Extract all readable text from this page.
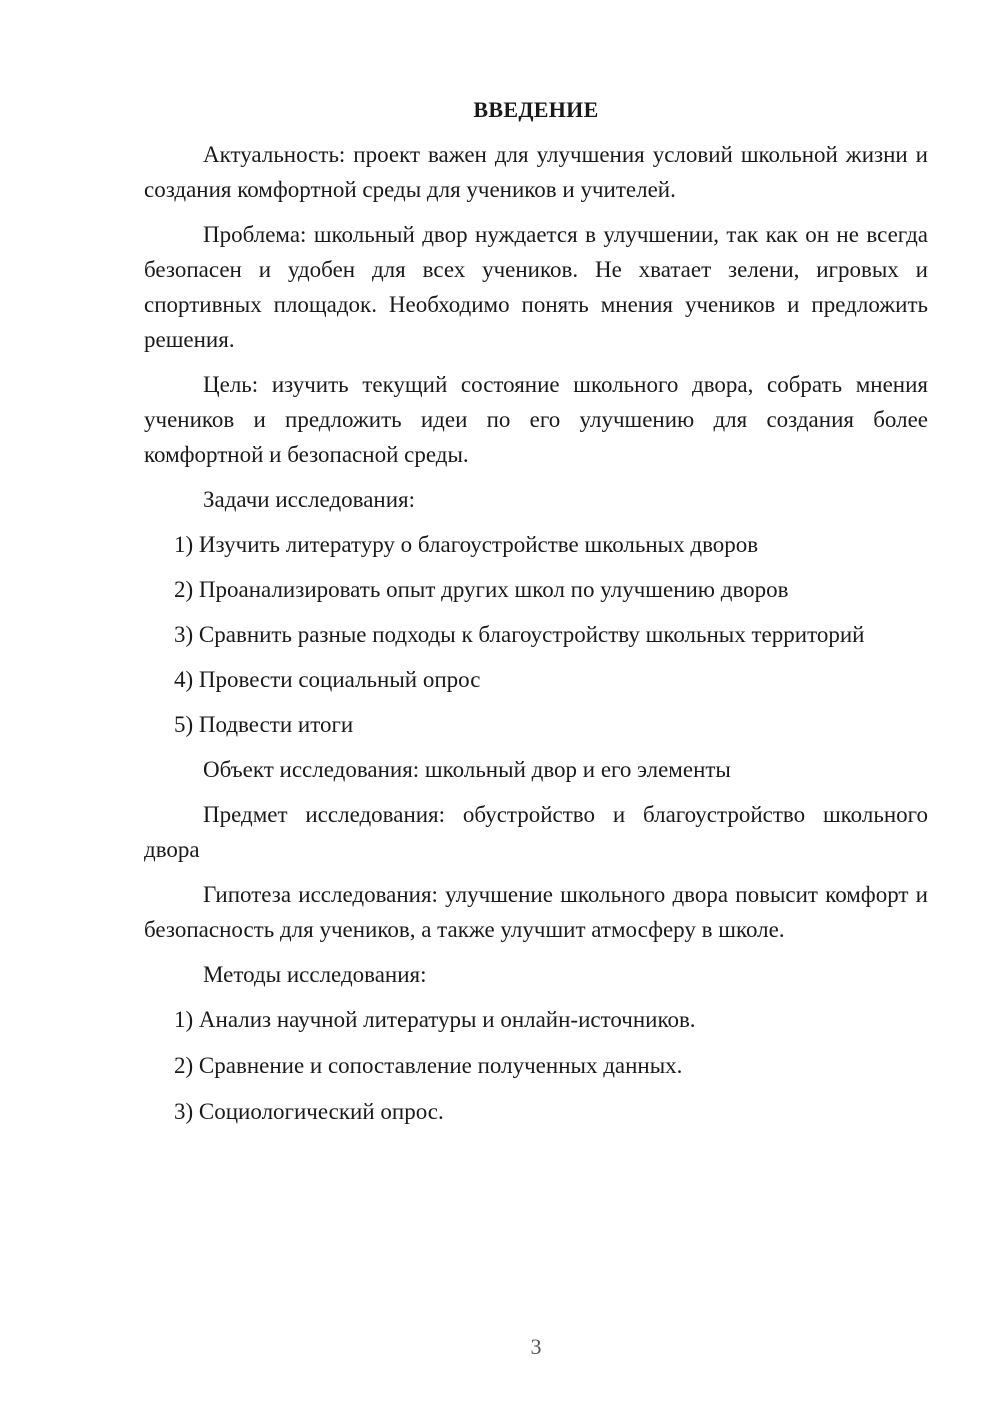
ВВЕДЕНИЕ

Актуальность: проект важен для улучшения условий школьной жизни и создания комфортной среды для учеников и учителей.

Проблема: школьный двор нуждается в улучшении, так как он не всегда безопасен и удобен для всех учеников. Не хватает зелени, игровых и спортивных площадок. Необходимо понять мнения учеников и предложить решения.

Цель: изучить текущий состояние школьного двора, собрать мнения учеников и предложить идеи по его улучшению для создания более комфортной и безопасной среды.

Задачи исследования:

1) Изучить литературу о благоустройстве школьных дворов

2) Проанализировать опыт других школ по улучшению дворов

3) Сравнить разные подходы к благоустройству школьных территорий

4) Провести социальный опрос

5) Подвести итоги

Объект исследования: школьный двор и его элементы

Предмет исследования: обустройство и благоустройство школьного двора

Гипотеза исследования: улучшение школьного двора повысит комфорт и безопасность для учеников, а также улучшит атмосферу в школе.

Методы исследования:

1) Анализ научной литературы и онлайн-источников.

2) Сравнение и сопоставление полученных данных.

3) Социологический опрос.

3
